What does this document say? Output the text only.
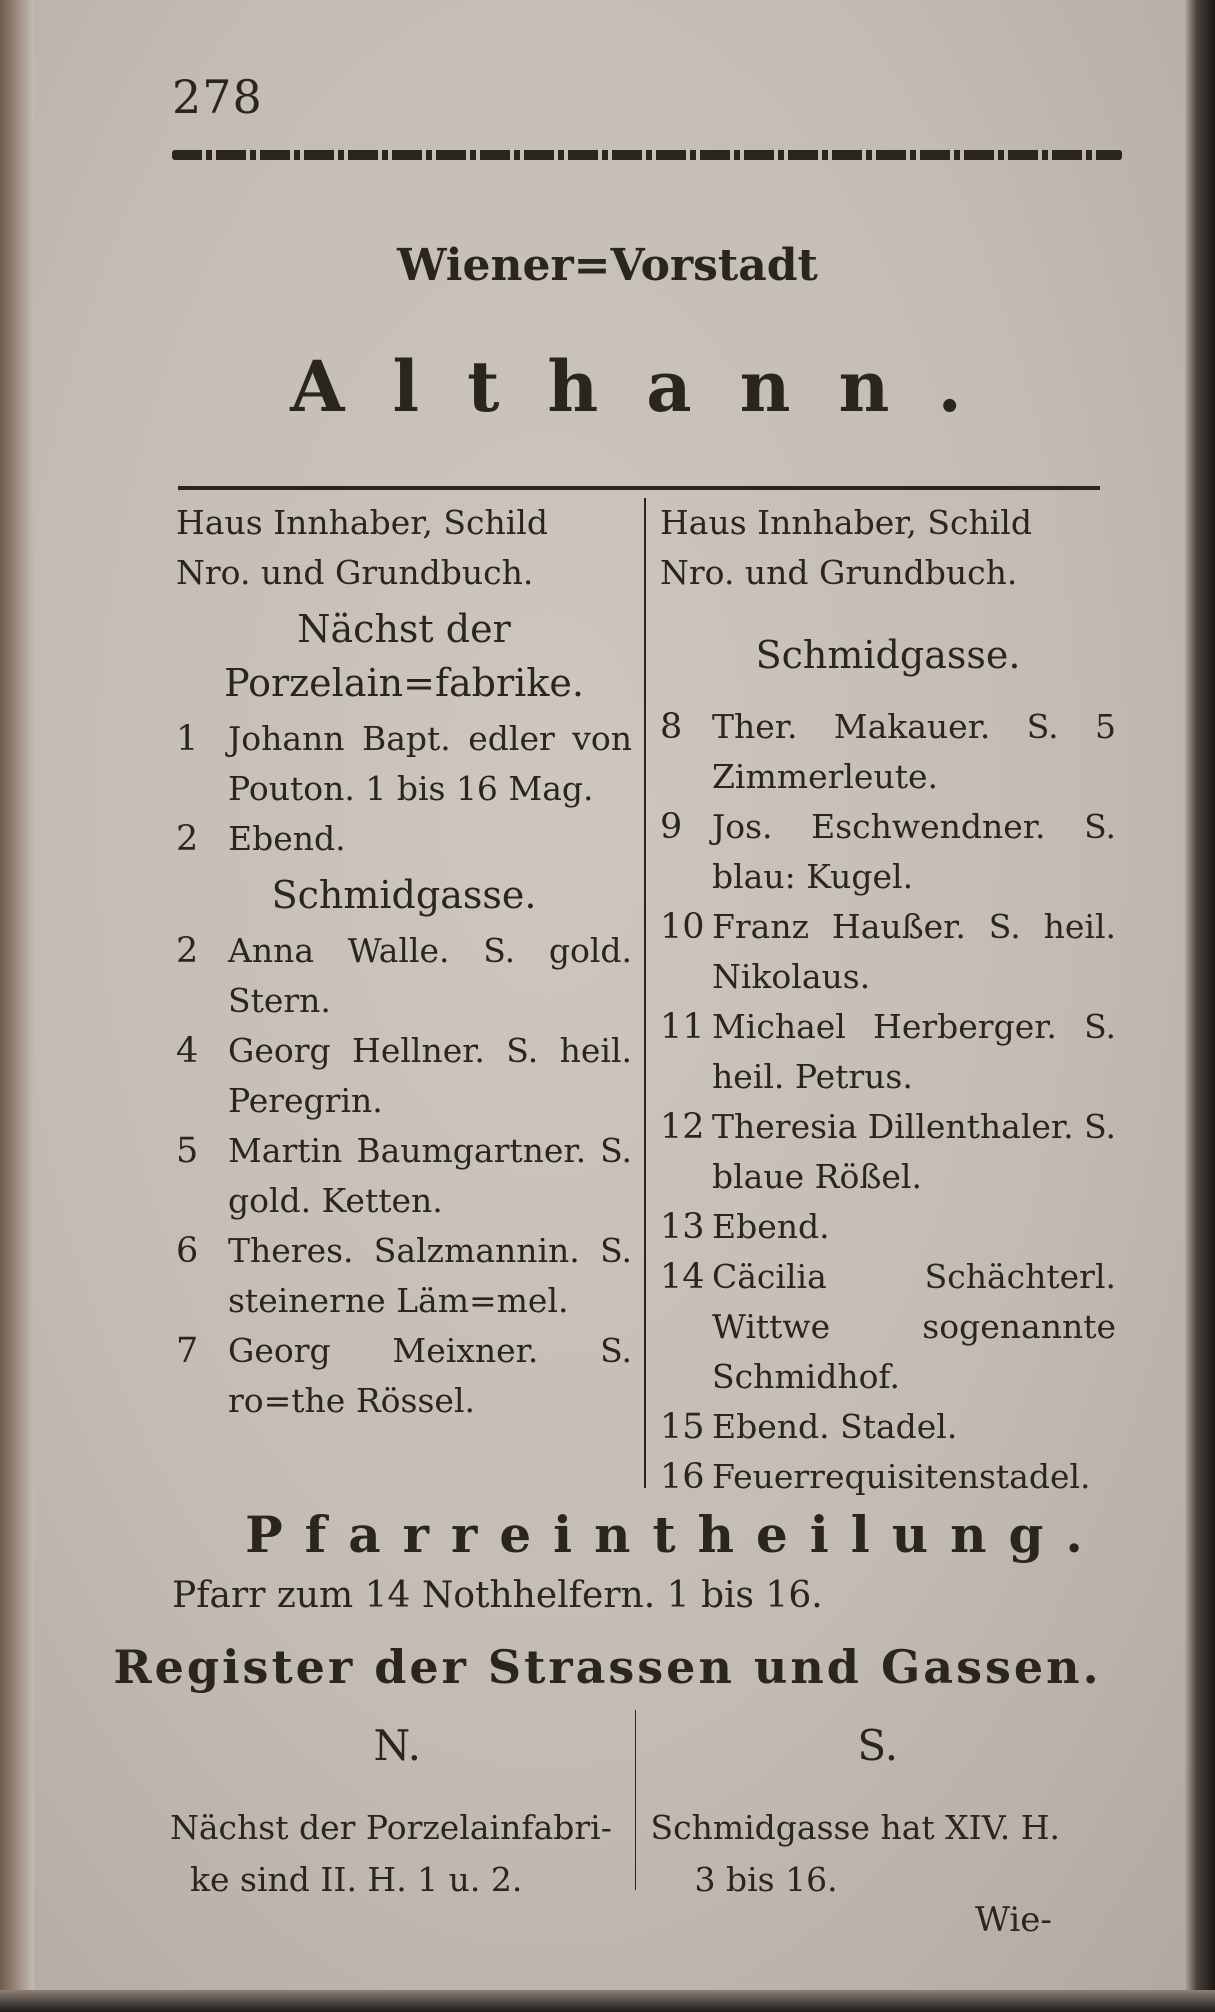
278
Wiener=Vorstadt
Althann.
Haus Innhaber, Schild
Nro. und Grundbuch.
Nächst der Porzelain=fabrike.
1 Johann Bapt. edler von Pouton. 1 bis 16 Mag.
2 Ebend.
Schmidgasse.
2 Anna Walle. S. gold. Stern.
4 Georg Hellner. S. heil. Peregrin.
5 Martin Baumgartner. S. gold. Ketten.
6 Theres. Salzmannin. S. steinerne Läm=mel.
7 Georg Meixner. S. ro=the Rössel.
Haus Innhaber, Schild
Nro. und Grundbuch.
Schmidgasse.
8 Ther. Makauer. S. 5 Zimmerleute.
9 Jos. Eschwendner. S. blau: Kugel.
10 Franz Haußer. S. heil. Nikolaus.
11 Michael Herberger. S. heil. Petrus.
12 Theresia Dillenthaler. S. blaue Rößel.
13 Ebend.
14 Cäcilia Schächterl. Wittwe sogenannte Schmidhof.
15 Ebend. Stadel.
16 Feuerrequisitenstadel.
Pfarreintheilung.
Pfarr zum 14 Nothhelfern. 1 bis 16.
Register der Strassen und Gassen.
N.
Nächst der Porzelainfabri-
ke sind II. H. 1 u. 2.
S.
Schmidgasse hat XIV. H.
3 bis 16.
Wie-
